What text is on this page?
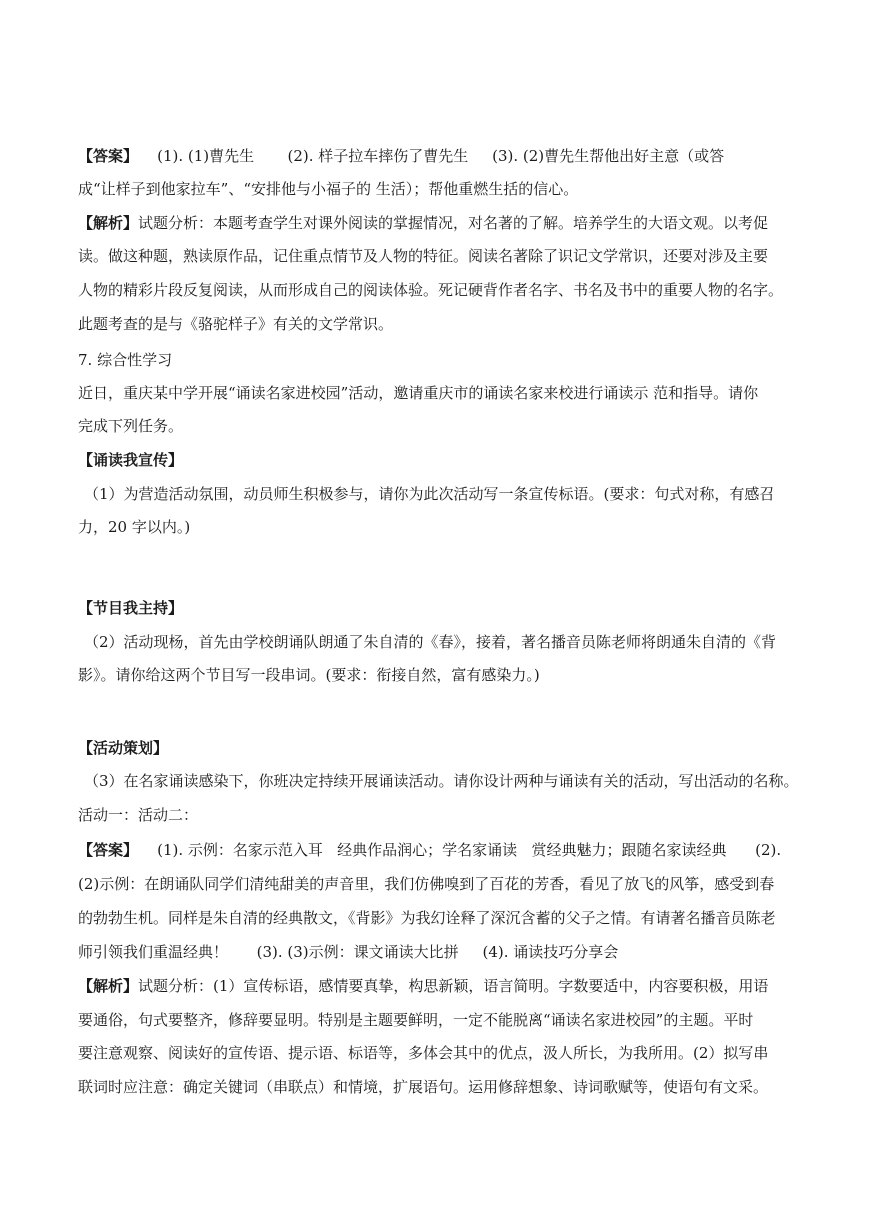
【答案】    (1). (1)曹先生       (2). 样子拉车摔伤了曹先生     (3). (2)曹先生帮他出好主意（或答
成“让样子到他家拉车”、“安排他与小福子的 生活）；帮他重燃生括的信心。
【解析】试题分析：本题考查学生对课外阅读的掌握情况，对名著的了解。培养学生的大语文观。以考促
读。做这种题，熟读原作品，记住重点情节及人物的特征。阅读名著除了识记文学常识，还要对涉及主要
人物的精彩片段反复阅读，从而形成自己的阅读体验。死记硬背作者名字、书名及书中的重要人物的名字。
此题考查的是与《骆驼样子》有关的文学常识。
7. 综合性学习
近日，重庆某中学开展“诵读名家进校园”活动，邀请重庆市的诵读名家来校进行诵读示 范和指导。请你
完成下列任务。
【诵读我宣传】
（1）为营造活动氛围，动员师生积极参与，请你为此次活动写一条宣传标语。(要求：句式对称，有感召
力，20 字以内。)
【节目我主持】
（2）活动现杨，首先由学校朗诵队朗通了朱自清的《春》，接着，著名播音员陈老师将朗通朱自清的《背
影》。请你给这两个节目写一段串词。(要求：衔接自然，富有感染力。)
【活动策划】
（3）在名家诵读感染下，你班决定持续开展诵读活动。请你设计两种与诵读有关的活动，写出活动的名称。
活动一：活动二：
【答案】    (1). 示例：名家示范入耳   经典作品润心；学名家诵读   赏经典魅力；跟随名家读经典      (2).
(2)示例：在朗诵队同学们清纯甜美的声音里，我们仿佛嗅到了百花的芳香，看见了放飞的风筝，感受到春
的勃勃生机。同样是朱自清的经典散文，《背影》为我幻诠释了深沉含蓄的父子之情。有请著名播音员陈老
师引领我们重温经典！      (3). (3)示例：课文诵读大比拼     (4). 诵读技巧分享会
【解析】试题分析：(1）宣传标语，感情要真挚，构思新颖，语言简明。字数要适中，内容要积极，用语
要通俗，句式要整齐，修辞要显明。特别是主题要鲜明，一定不能脱离“诵读名家进校园”的主题。平时
要注意观察、阅读好的宣传语、提示语、标语等，多体会其中的优点，汲人所长，为我所用。(2）拟写串
联词时应注意：确定关键词（串联点）和情境，扩展语句。运用修辞想象、诗词歌赋等，使语句有文采。
